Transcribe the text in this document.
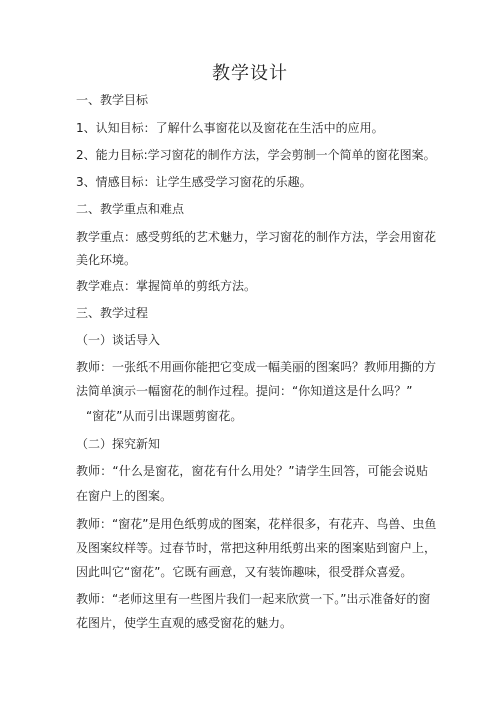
教学设计
一、教学目标
1、认知目标：了解什么事窗花以及窗花在生活中的应用。
2、能力目标:学习窗花的制作方法，学会剪制一个简单的窗花图案。
3、情感目标：让学生感受学习窗花的乐趣。
二、教学重点和难点
教学重点：感受剪纸的艺术魅力，学习窗花的制作方法，学会用窗花
美化环境。
教学难点：掌握简单的剪纸方法。
三、教学过程
（一）谈话导入
教师：一张纸不用画你能把它变成一幅美丽的图案吗？教师用撕的方
法简单演示一幅窗花的制作过程。提问：“你知道这是什么吗？”
“窗花”从而引出课题剪窗花。
（二）探究新知
教师：“什么是窗花，窗花有什么用处？”请学生回答，可能会说贴
在窗户上的图案。
教师：“窗花”是用色纸剪成的图案，花样很多，有花卉、鸟兽、虫鱼
及图案纹样等。过春节时，常把这种用纸剪出来的图案贴到窗户上，
因此叫它“窗花”。它既有画意，又有装饰趣味，很受群众喜爱。
教师：“老师这里有一些图片我们一起来欣赏一下。”出示准备好的窗
花图片，使学生直观的感受窗花的魅力。
